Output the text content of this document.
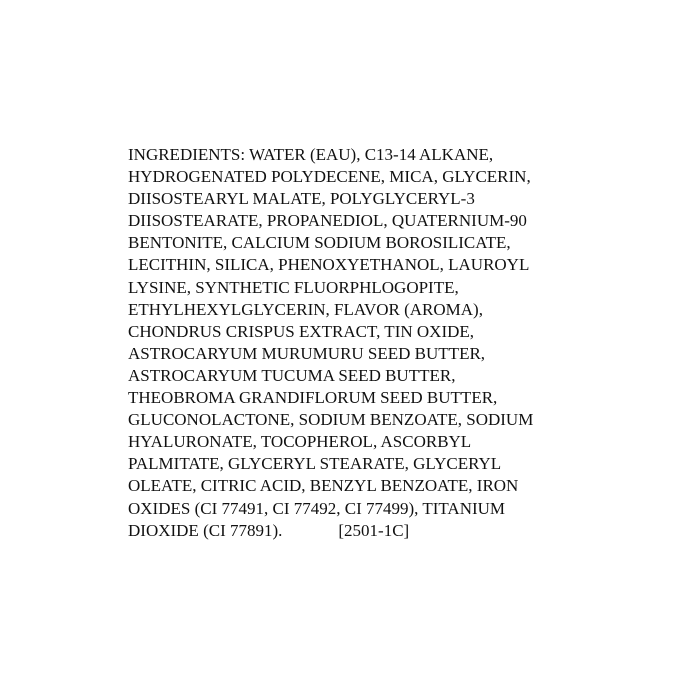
INGREDIENTS: WATER (EAU), C13-14 ALKANE,
HYDROGENATED POLYDECENE, MICA, GLYCERIN,
DIISOSTEARYL MALATE, POLYGLYCERYL-3
DIISOSTEARATE, PROPANEDIOL, QUATERNIUM-90
BENTONITE, CALCIUM SODIUM BOROSILICATE,
LECITHIN, SILICA, PHENOXYETHANOL, LAUROYL
LYSINE, SYNTHETIC FLUORPHLOGOPITE,
ETHYLHEXYLGLYCERIN, FLAVOR (AROMA),
CHONDRUS CRISPUS EXTRACT, TIN OXIDE,
ASTROCARYUM MURUMURU SEED BUTTER,
ASTROCARYUM TUCUMA SEED BUTTER,
THEOBROMA GRANDIFLORUM SEED BUTTER,
GLUCONOLACTONE, SODIUM BENZOATE, SODIUM
HYALURONATE, TOCOPHEROL, ASCORBYL
PALMITATE, GLYCERYL STEARATE, GLYCERYL
OLEATE, CITRIC ACID, BENZYL BENZOATE, IRON
OXIDES (CI 77491, CI 77492, CI 77499), TITANIUM
DIOXIDE (CI 77891).	[2501-1C]
